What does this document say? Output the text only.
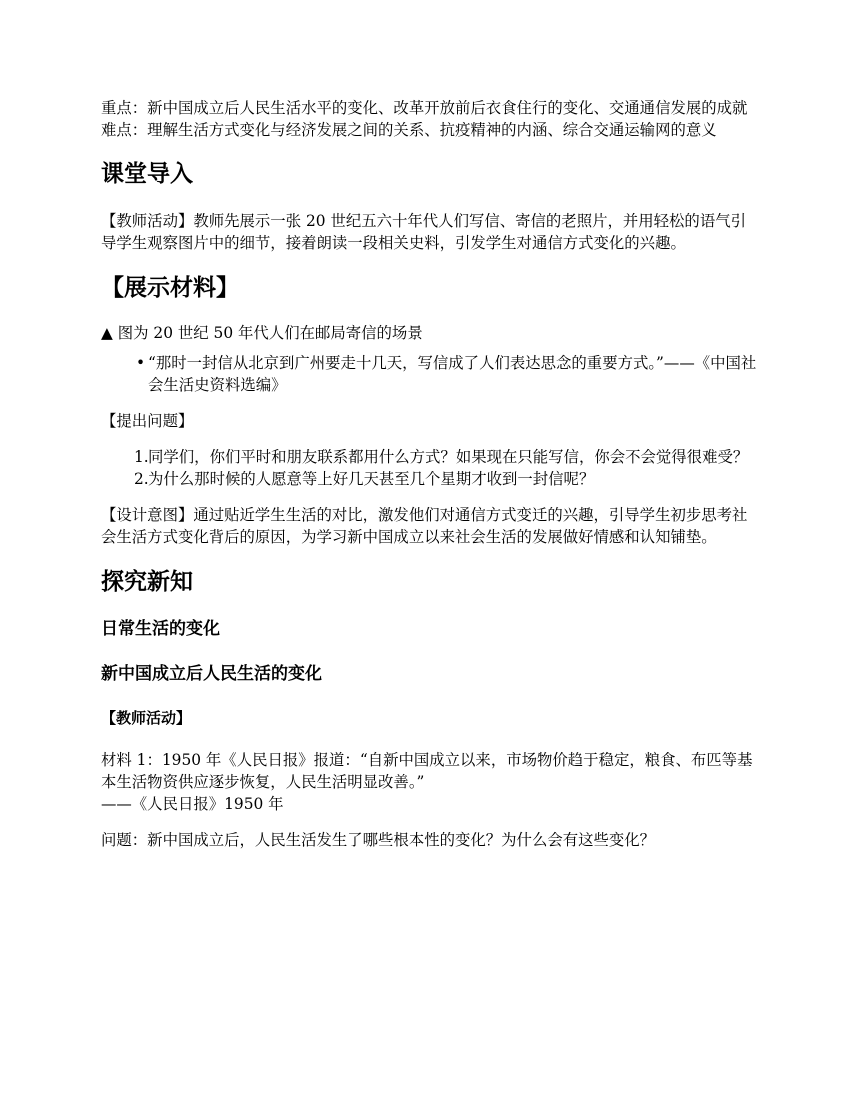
重点：新中国成立后人民生活水平的变化、改革开放前后衣食住行的变化、交通通信发展的成就

难点：理解生活方式变化与经济发展之间的关系、抗疫精神的内涵、综合交通运输网的意义

课堂导入

【教师活动】教师先展示一张 20 世纪五六十年代人们写信、寄信的老照片，并用轻松的语气引导学生观察图片中的细节，接着朗读一段相关史料，引发学生对通信方式变化的兴趣。

【展示材料】

▲ 图为 20 世纪 50 年代人们在邮局寄信的场景

• “那时一封信从北京到广州要走十几天，写信成了人们表达思念的重要方式。”——《中国社会生活史资料选编》

【提出问题】

1. 同学们，你们平时和朋友联系都用什么方式？如果现在只能写信，你会不会觉得很难受？
2. 为什么那时候的人愿意等上好几天甚至几个星期才收到一封信呢？

【设计意图】通过贴近学生生活的对比，激发他们对通信方式变迁的兴趣，引导学生初步思考社会生活方式变化背后的原因，为学习新中国成立以来社会生活的发展做好情感和认知铺垫。

探究新知
日常生活的变化
新中国成立后人民生活的变化
【教师活动】

材料 1：1950 年《人民日报》报道：“自新中国成立以来，市场物价趋于稳定，粮食、布匹等基本生活物资供应逐步恢复，人民生活明显改善。”

——《人民日报》1950 年

问题：新中国成立后，人民生活发生了哪些根本性的变化？为什么会有这些变化？
